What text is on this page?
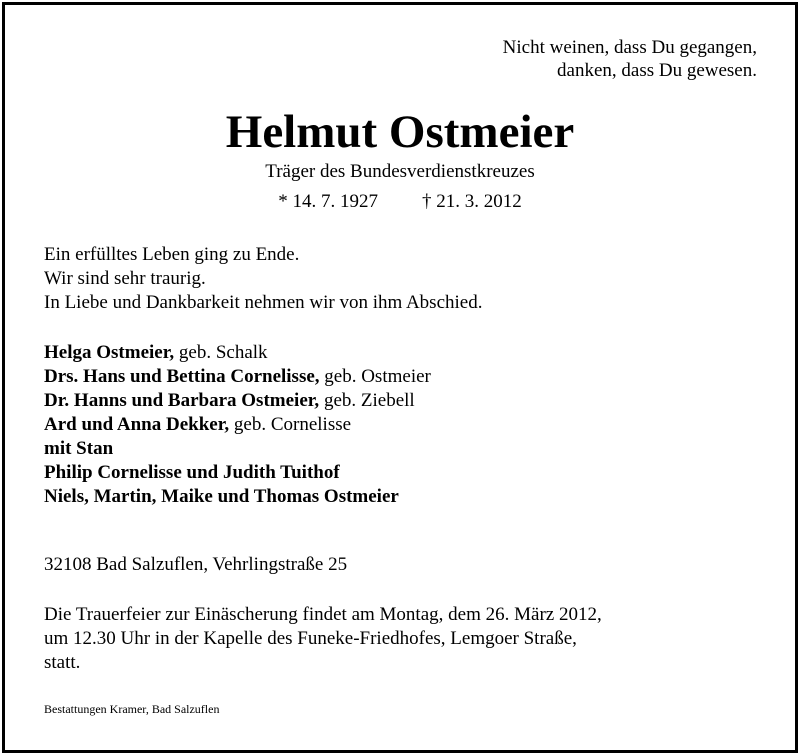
Nicht weinen, dass Du gegangen,
danken, dass Du gewesen.
Helmut Ostmeier
Träger des Bundesverdienstkreuzes
* 14. 7. 1927 † 21. 3. 2012
Ein erfülltes Leben ging zu Ende.
Wir sind sehr traurig.
In Liebe und Dankbarkeit nehmen wir von ihm Abschied.
Helga Ostmeier, geb. Schalk
Drs. Hans und Bettina Cornelisse, geb. Ostmeier
Dr. Hanns und Barbara Ostmeier, geb. Ziebell
Ard und Anna Dekker, geb. Cornelisse
mit Stan
Philip Cornelisse und Judith Tuithof
Niels, Martin, Maike und Thomas Ostmeier
32108 Bad Salzuflen, Vehrlingstraße 25
Die Trauerfeier zur Einäscherung findet am Montag, dem 26. März 2012,
um 12.30 Uhr in der Kapelle des Funeke-Friedhofes, Lemgoer Straße,
statt.
Bestattungen Kramer, Bad Salzuflen
